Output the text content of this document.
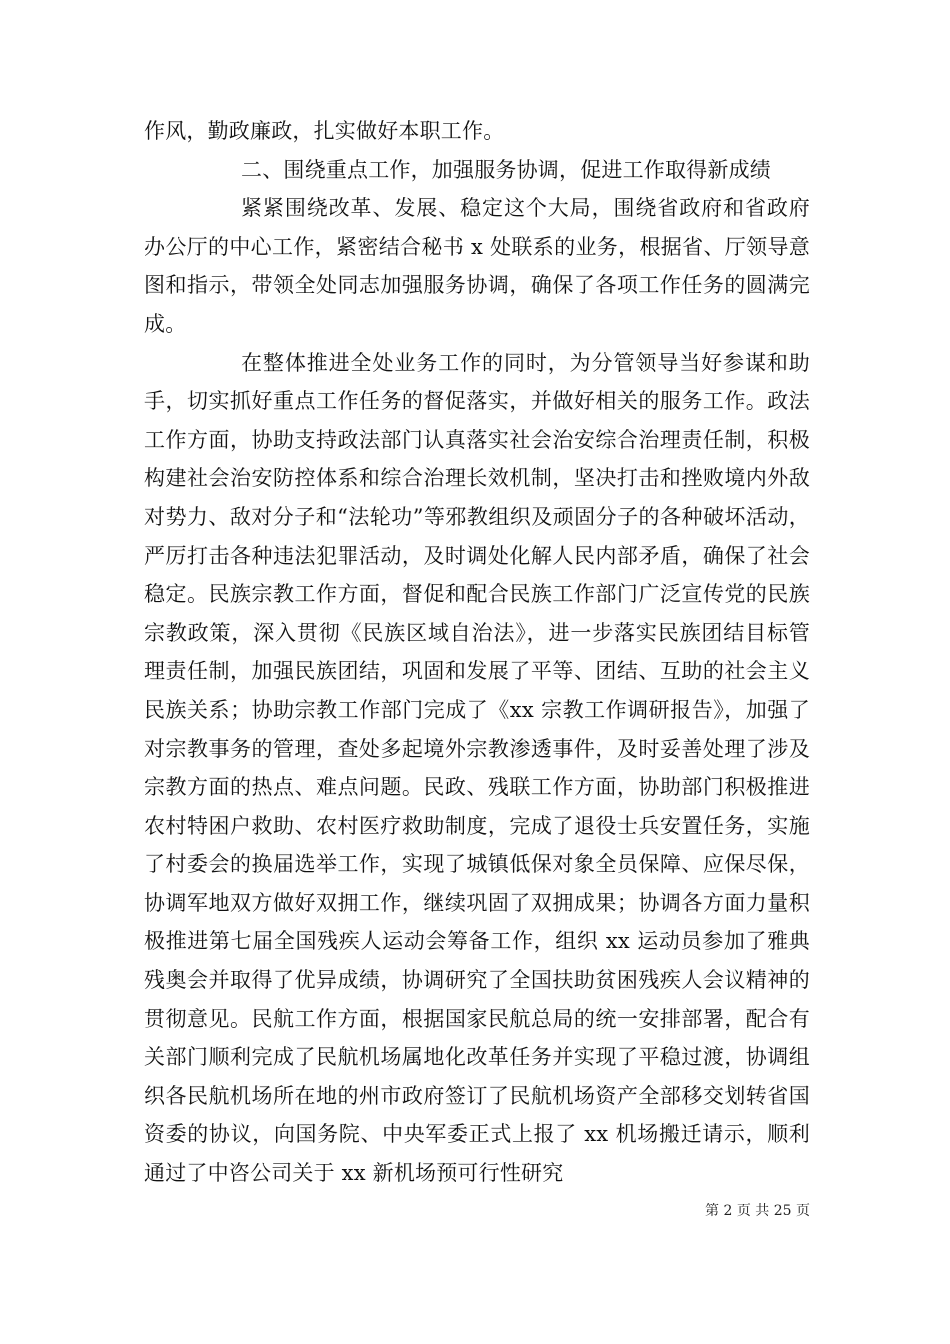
作风，勤政廉政，扎实做好本职工作。

二、围绕重点工作，加强服务协调，促进工作取得新成绩

紧紧围绕改革、发展、稳定这个大局，围绕省政府和省政府办公厅的中心工作，紧密结合秘书 x 处联系的业务，根据省、厅领导意图和指示，带领全处同志加强服务协调，确保了各项工作任务的圆满完成。

在整体推进全处业务工作的同时，为分管领导当好参谋和助手，切实抓好重点工作任务的督促落实，并做好相关的服务工作。政法工作方面，协助支持政法部门认真落实社会治安综合治理责任制，积极构建社会治安防控体系和综合治理长效机制，坚决打击和挫败境内外敌对势力、敌对分子和“法轮功”等邪教组织及顽固分子的各种破坏活动，严厉打击各种违法犯罪活动，及时调处化解人民内部矛盾，确保了社会稳定。民族宗教工作方面，督促和配合民族工作部门广泛宣传党的民族宗教政策，深入贯彻《民族区域自治法》，进一步落实民族团结目标管理责任制，加强民族团结，巩固和发展了平等、团结、互助的社会主义民族关系；协助宗教工作部门完成了《xx 宗教工作调研报告》，加强了对宗教事务的管理，查处多起境外宗教渗透事件，及时妥善处理了涉及宗教方面的热点、难点问题。民政、残联工作方面，协助部门积极推进农村特困户救助、农村医疗救助制度，完成了退役士兵安置任务，实施了村委会的换届选举工作，实现了城镇低保对象全员保障、应保尽保，协调军地双方做好双拥工作，继续巩固了双拥成果；协调各方面力量积极推进第七届全国残疾人运动会筹备工作，组织 xx 运动员参加了雅典残奥会并取得了优异成绩，协调研究了全国扶助贫困残疾人会议精神的贯彻意见。民航工作方面，根据国家民航总局的统一安排部署，配合有关部门顺利完成了民航机场属地化改革任务并实现了平稳过渡，协调组织各民航机场所在地的州市政府签订了民航机场资产全部移交划转省国资委的协议，向国务院、中央军委正式上报了 xx 机场搬迁请示，顺利通过了中咨公司关于 xx 新机场预可行性研究

第 2 页 共 25 页
